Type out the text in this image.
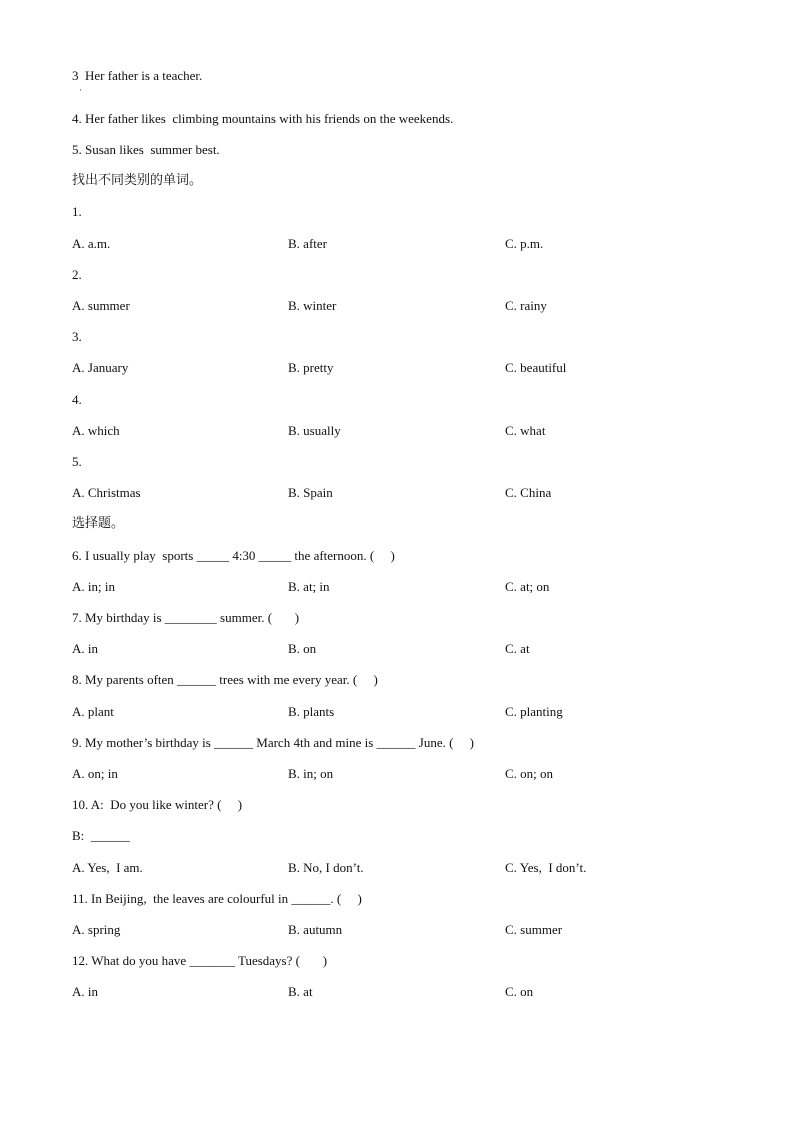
3  Her father is a teacher.
·
4. Her father likes  climbing mountains with his friends on the weekends.
5. Susan likes  summer best.
找出不同类别的单词。
1.
A. a.m.	B. after	C. p.m.
2.
A. summer	B. winter	C. rainy
3.
A. January	B. pretty	C. beautiful
4.
A. which	B. usually	C. what
5.
A. Christmas	B. Spain	C. China
选择题。
6. I usually play  sports _____ 4:30 _____ the afternoon. (     )
A. in; in	B. at; in	C. at; on
7. My birthday is ________ summer. (       )
A. in	B. on	C. at
8. My parents often ______ trees with me every year. (     )
A. plant	B. plants	C. planting
9. My mother’s birthday is ______ March 4th and mine is ______ June. (     )
A. on; in	B. in; on	C. on; on
10. A:  Do you like winter? (     )
B:  ______
A. Yes,  I am.	B. No, I don’t.	C. Yes,  I don’t.
11. In Beijing,  the leaves are colourful in ______. (     )
A. spring	B. autumn	C. summer
12. What do you have _______ Tuesdays? (       )
A. in	B. at	C. on
